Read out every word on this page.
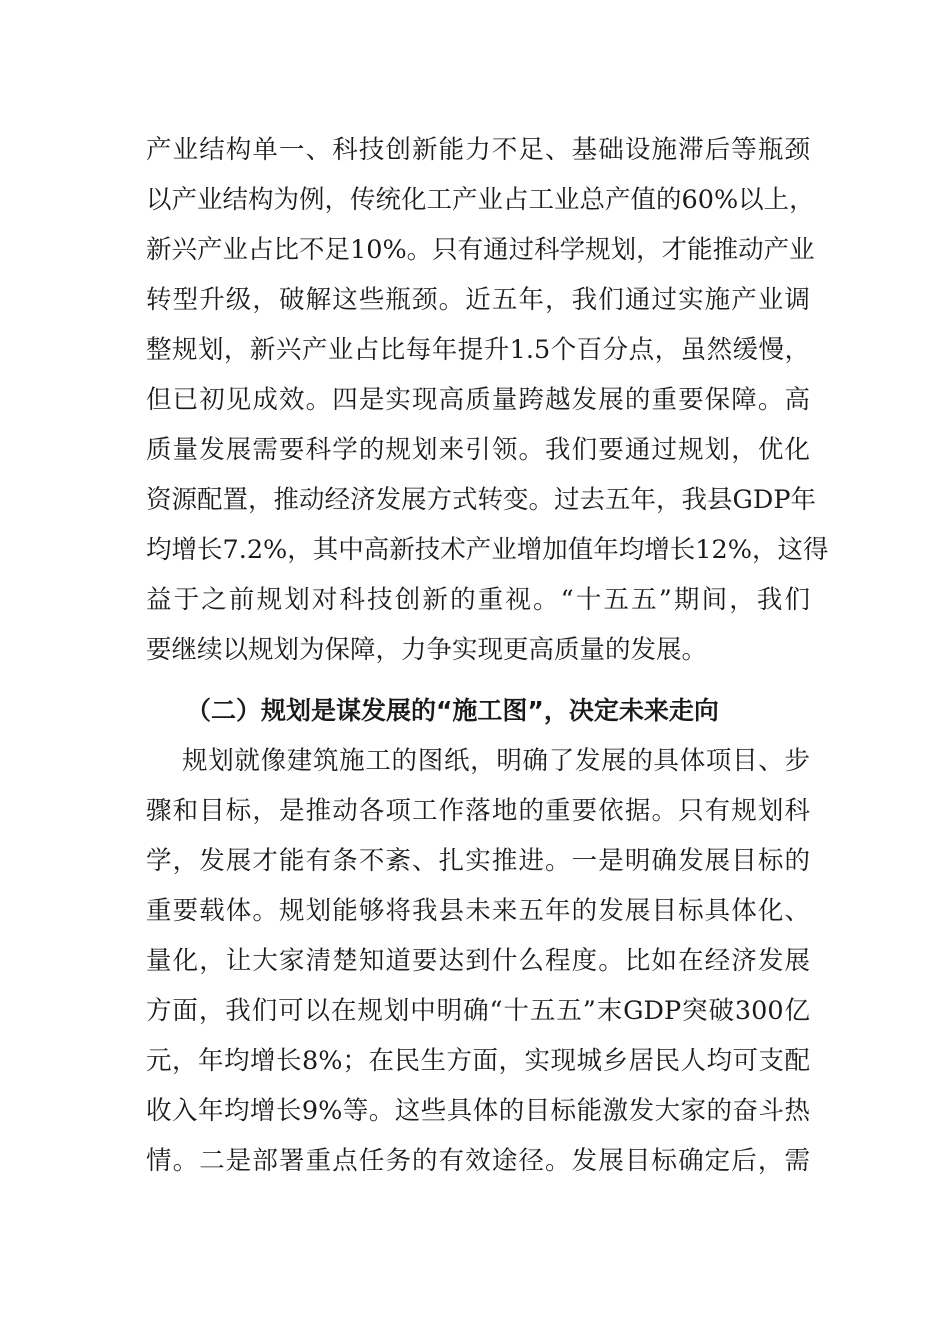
产业结构单一、科技创新能力不足、基础设施滞后等瓶颈
以产业结构为例，传统化工产业占工业总产值的60%以上，
新兴产业占比不足10%。只有通过科学规划，才能推动产业
转型升级，破解这些瓶颈。近五年，我们通过实施产业调
整规划，新兴产业占比每年提升1.5个百分点，虽然缓慢，
但已初见成效。四是实现高质量跨越发展的重要保障。高
质量发展需要科学的规划来引领。我们要通过规划，优化
资源配置，推动经济发展方式转变。过去五年，我县GDP年
均增长7.2%，其中高新技术产业增加值年均增长12%，这得
益于之前规划对科技创新的重视。“十五五”期间，我们
要继续以规划为保障，力争实现更高质量的发展。
（二）规划是谋发展的“施工图”，决定未来走向
规划就像建筑施工的图纸，明确了发展的具体项目、步
骤和目标，是推动各项工作落地的重要依据。只有规划科
学，发展才能有条不紊、扎实推进。一是明确发展目标的
重要载体。规划能够将我县未来五年的发展目标具体化、
量化，让大家清楚知道要达到什么程度。比如在经济发展
方面，我们可以在规划中明确“十五五”末GDP突破300亿
元，年均增长8%；在民生方面，实现城乡居民人均可支配
收入年均增长9%等。这些具体的目标能激发大家的奋斗热
情。二是部署重点任务的有效途径。发展目标确定后，需
